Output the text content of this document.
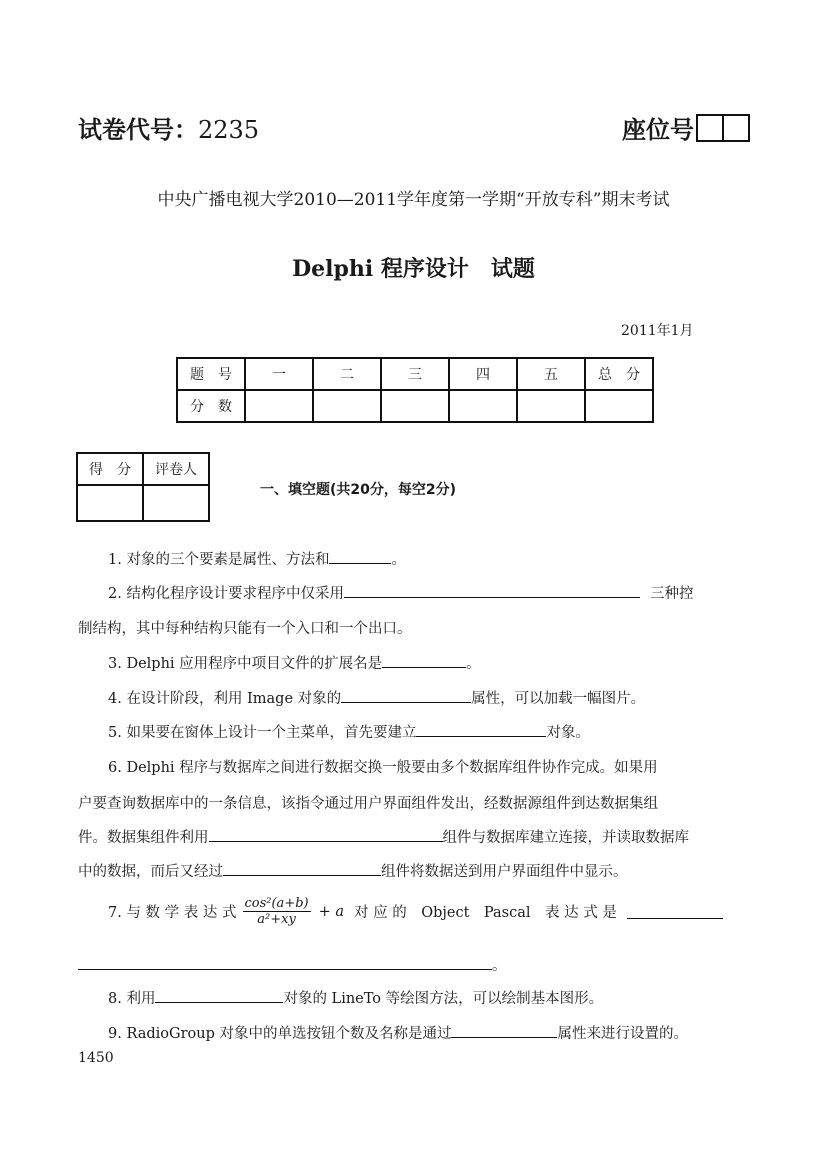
试卷代号：2235	座位号
中央广播电视大学2010—2011学年度第一学期“开放专科”期末考试
Delphi 程序设计　试题
2011年1月
题　号	一	二	三	四	五	总　分
分　数						
得　分	评卷人

一、填空题(共20分，每空2分)
1. 对象的三个要素是属性、方法和	。
2. 结构化程序设计要求程序中仅采用	三种控
制结构，其中每种结构只能有一个入口和一个出口。
3. Delphi 应用程序中项目文件的扩展名是	。
4. 在设计阶段，利用 Image 对象的	属性，可以加载一幅图片。
5. 如果要在窗体上设计一个主菜单，首先要建立	对象。
6. Delphi 程序与数据库之间进行数据交换一般要由多个数据库组件协作完成。如果用
户要查询数据库中的一条信息，该指令通过用户界面组件发出，经数据源组件到达数据集组
件。数据集组件利用	组件与数据库建立连接，并读取数据库
中的数据，而后又经过	组件将数据送到用户界面组件中显示。
7. 与 数 学 表 达 式 $\frac{\text{cos²(a+b)}}{\text{a²+xy}} + a$ 对 应 的　Object　Pascal　表 达 式 是
。
8. 利用	对象的 LineTo 等绘图方法，可以绘制基本图形。
9. RadioGroup 对象中的单选按钮个数及名称是通过	属性来进行设置的。
1450
